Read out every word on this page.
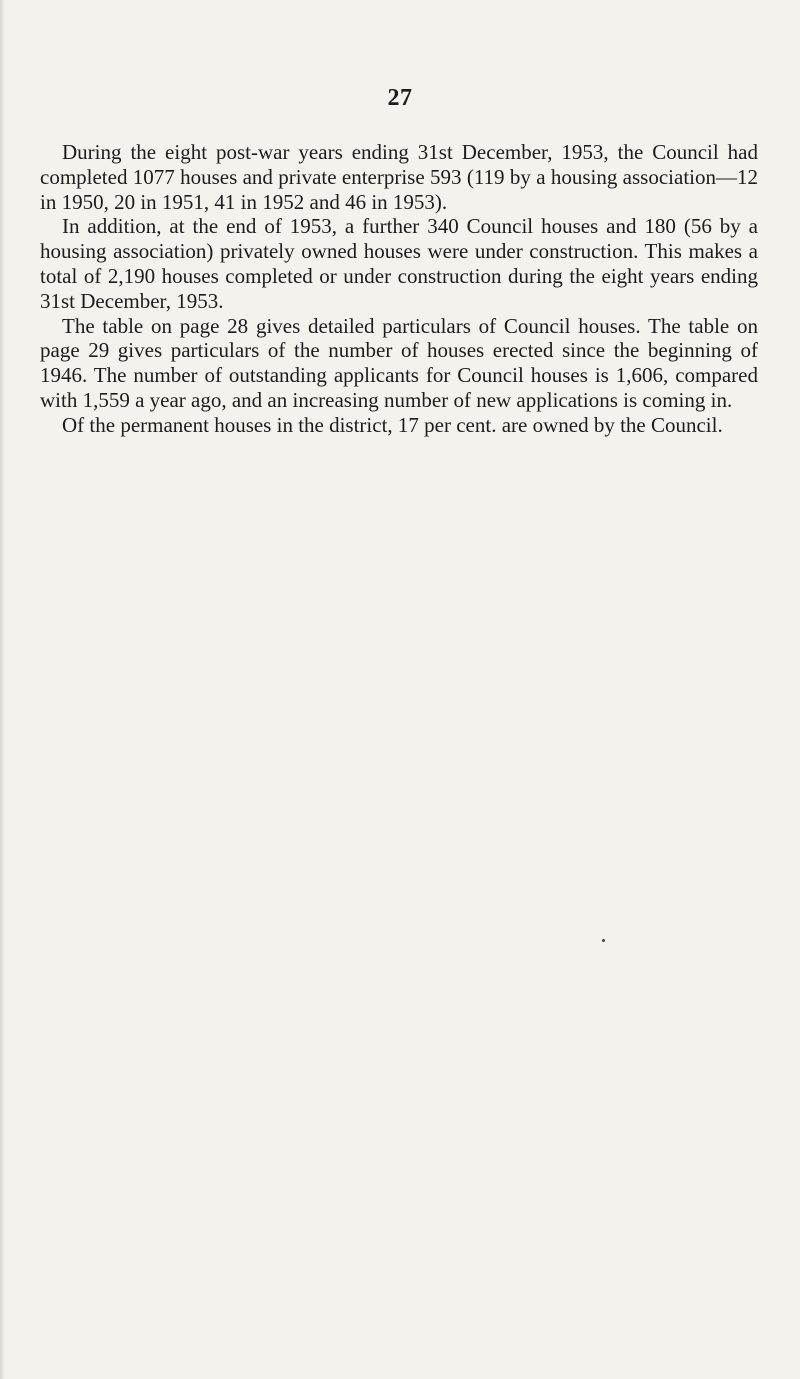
27

During the eight post-war years ending 31st December, 1953, the Council had completed 1077 houses and private enterprise 593 (119 by a housing association—12 in 1950, 20 in 1951, 41 in 1952 and 46 in 1953).

In addition, at the end of 1953, a further 340 Council houses and 180 (56 by a housing association) privately owned houses were under construction. This makes a total of 2,190 houses completed or under construction during the eight years ending 31st December, 1953.

The table on page 28 gives detailed particulars of Council houses. The table on page 29 gives particulars of the number of houses erected since the beginning of 1946. The number of outstanding applicants for Council houses is 1,606, compared with 1,559 a year ago, and an increasing number of new applications is coming in.

Of the permanent houses in the district, 17 per cent. are owned by the Council.
